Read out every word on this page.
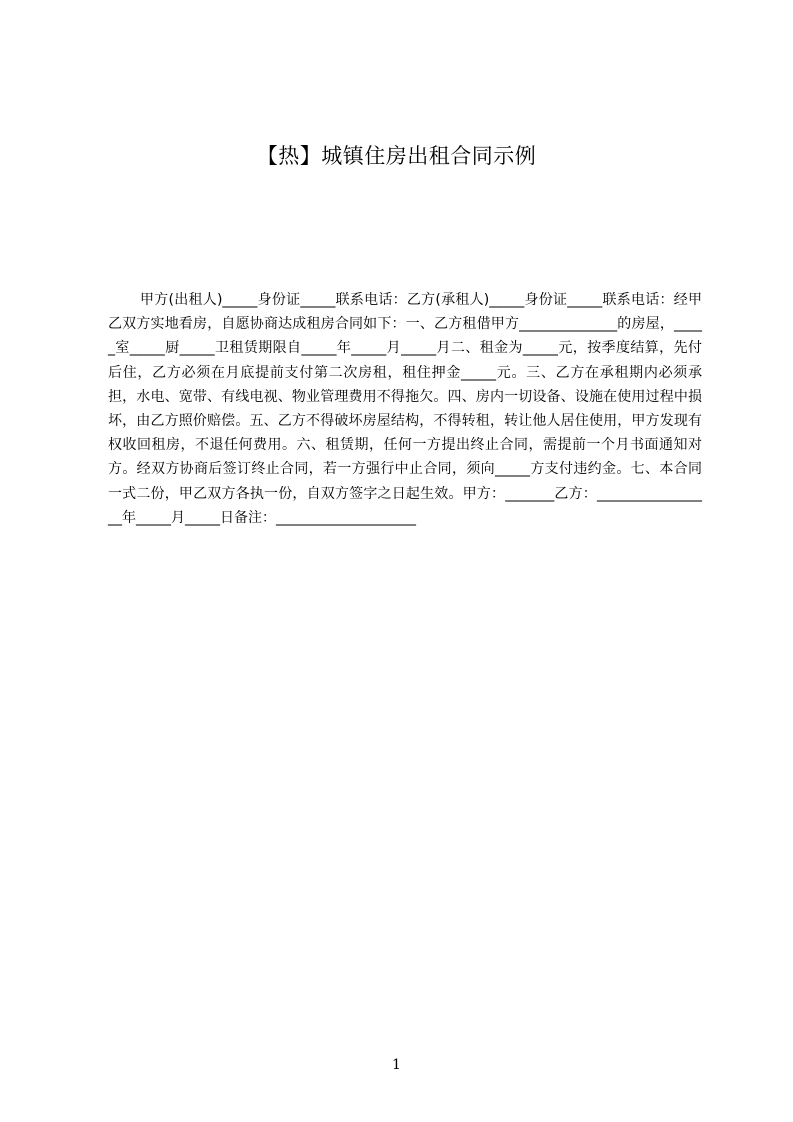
【热】城镇住房出租合同示例

甲方(出租人)_____身份证_____联系电话：乙方(承租人)_____身份证_____联系电话：经甲乙双方实地看房，自愿协商达成租房合同如下：一、乙方租借甲方______________的房屋，_____室_____厨_____卫租赁期限自_____年_____月_____月二、租金为_____元，按季度结算，先付后住，乙方必须在月底提前支付第二次房租，租住押金_____元。三、乙方在承租期内必须承担，水电、宽带、有线电视、物业管理费用不得拖欠。四、房内一切设备、设施在使用过程中损坏，由乙方照价赔偿。五、乙方不得破坏房屋结构，不得转租，转让他人居住使用，甲方发现有权收回租房，不退任何费用。六、租赁期，任何一方提出终止合同，需提前一个月书面通知对方。经双方协商后签订终止合同，若一方强行中止合同，须向_____方支付违约金。七、本合同一式二份，甲乙双方各执一份，自双方签字之日起生效。甲方：_______乙方：_________________年_____月_____日备注：____________________

1
